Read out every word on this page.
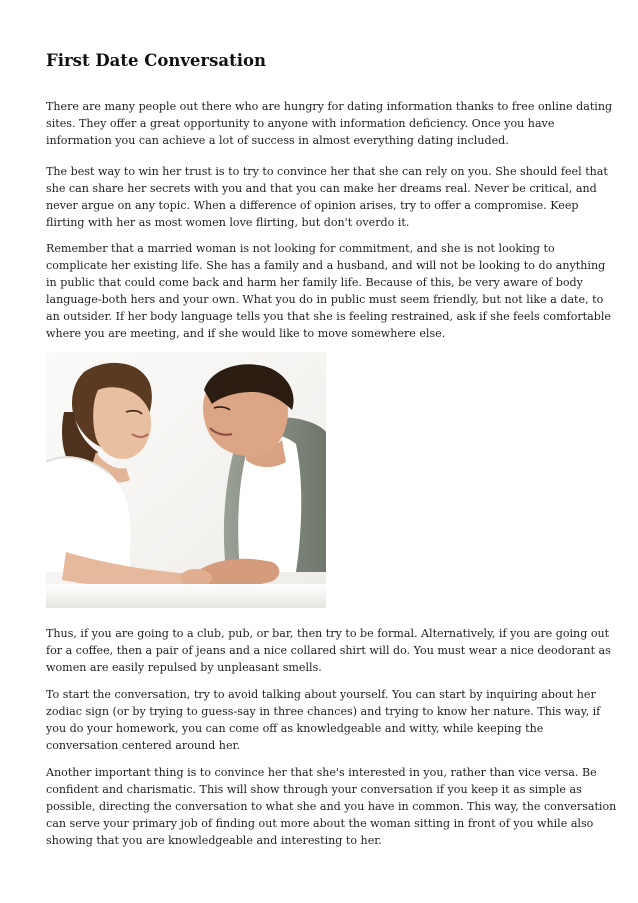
First Date Conversation
There are many people out there who are hungry for dating information thanks to free online dating
sites. They offer a great opportunity to anyone with information deficiency. Once you have
information you can achieve a lot of success in almost everything dating included.
The best way to win her trust is to try to convince her that she can rely on you. She should feel that
she can share her secrets with you and that you can make her dreams real. Never be critical, and
never argue on any topic. When a difference of opinion arises, try to offer a compromise. Keep
flirting with her as most women love flirting, but don't overdo it.
Remember that a married woman is not looking for commitment, and she is not looking to
complicate her existing life. She has a family and a husband, and will not be looking to do anything
in public that could come back and harm her family life. Because of this, be very aware of body
language-both hers and your own. What you do in public must seem friendly, but not like a date, to
an outsider. If her body language tells you that she is feeling restrained, ask if she feels comfortable
where you are meeting, and if she would like to move somewhere else.
Thus, if you are going to a club, pub, or bar, then try to be formal. Alternatively, if you are going out
for a coffee, then a pair of jeans and a nice collared shirt will do. You must wear a nice deodorant as
women are easily repulsed by unpleasant smells.
To start the conversation, try to avoid talking about yourself. You can start by inquiring about her
zodiac sign (or by trying to guess-say in three chances) and trying to know her nature. This way, if
you do your homework, you can come off as knowledgeable and witty, while keeping the
conversation centered around her.
Another important thing is to convince her that she's interested in you, rather than vice versa. Be
confident and charismatic. This will show through your conversation if you keep it as simple as
possible, directing the conversation to what she and you have in common. This way, the conversation
can serve your primary job of finding out more about the woman sitting in front of you while also
showing that you are knowledgeable and interesting to her.
